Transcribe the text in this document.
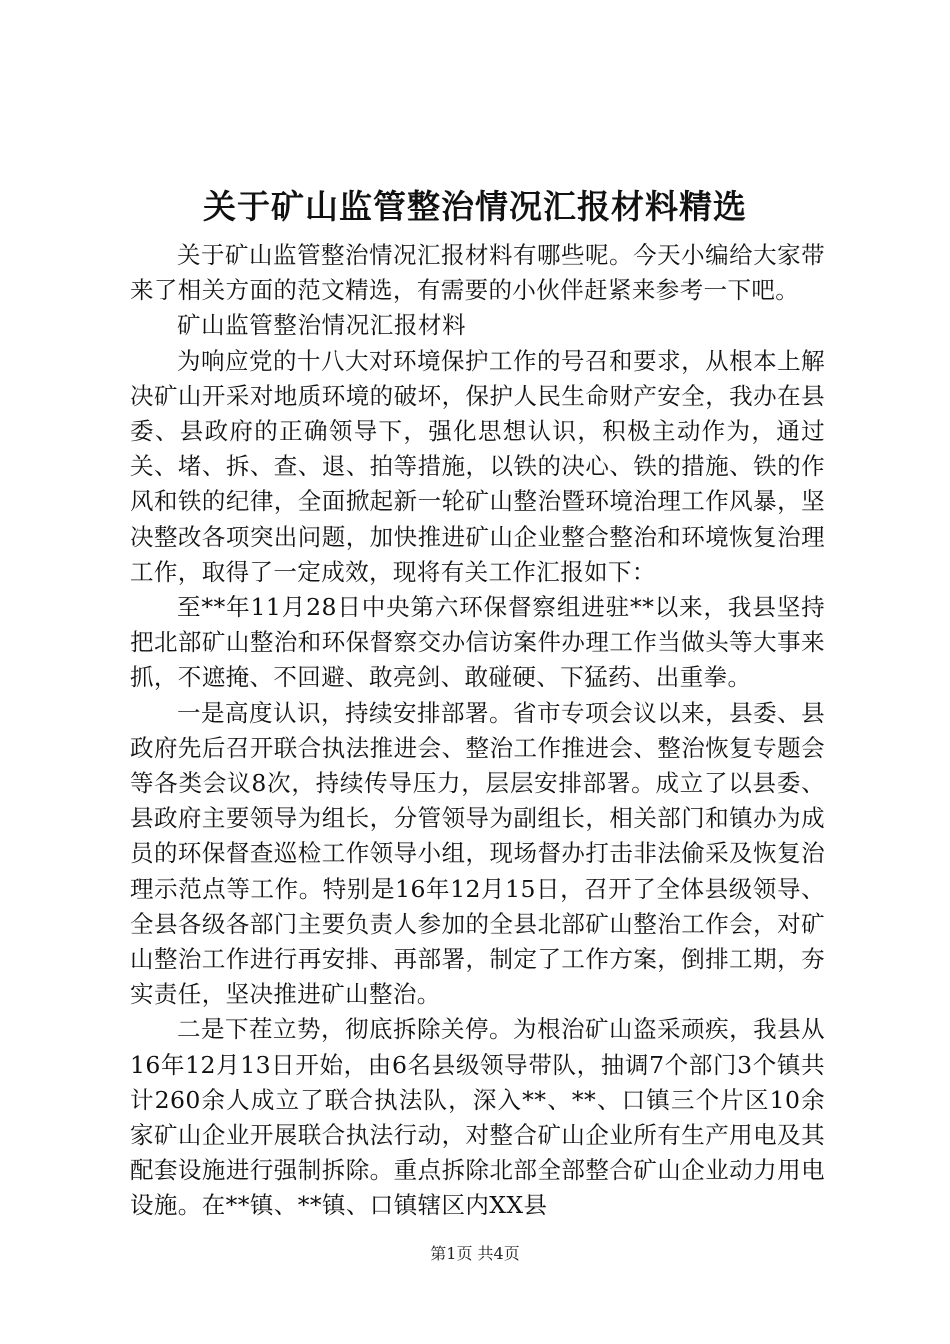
关于矿山监管整治情况汇报材料精选

关于矿山监管整治情况汇报材料有哪些呢。今天小编给大家带来了相关方面的范文精选，有需要的小伙伴赶紧来参考一下吧。

矿山监管整治情况汇报材料

为响应党的十八大对环境保护工作的号召和要求，从根本上解决矿山开采对地质环境的破坏，保护人民生命财产安全，我办在县委、县政府的正确领导下，强化思想认识，积极主动作为，通过关、堵、拆、查、退、拍等措施，以铁的决心、铁的措施、铁的作风和铁的纪律，全面掀起新一轮矿山整治暨环境治理工作风暴，坚决整改各项突出问题，加快推进矿山企业整合整治和环境恢复治理工作，取得了一定成效，现将有关工作汇报如下：

至**年11月28日中央第六环保督察组进驻**以来，我县坚持把北部矿山整治和环保督察交办信访案件办理工作当做头等大事来抓，不遮掩、不回避、敢亮剑、敢碰硬、下猛药、出重拳。

一是高度认识，持续安排部署。省市专项会议以来，县委、县政府先后召开联合执法推进会、整治工作推进会、整治恢复专题会等各类会议8次，持续传导压力，层层安排部署。成立了以县委、县政府主要领导为组长，分管领导为副组长，相关部门和镇办为成员的环保督查巡检工作领导小组，现场督办打击非法偷采及恢复治理示范点等工作。特别是16年12月15日，召开了全体县级领导、全县各级各部门主要负责人参加的全县北部矿山整治工作会，对矿山整治工作进行再安排、再部署，制定了工作方案，倒排工期，夯实责任，坚决推进矿山整治。

二是下茬立势，彻底拆除关停。为根治矿山盗采顽疾，我县从16年12月13日开始，由6名县级领导带队，抽调7个部门3个镇共计260余人成立了联合执法队，深入**、**、口镇三个片区10余家矿山企业开展联合执法行动，对整合矿山企业所有生产用电及其配套设施进行强制拆除。重点拆除北部全部整合矿山企业动力用电设施。在**镇、**镇、口镇辖区内XX县

第1页 共4页
